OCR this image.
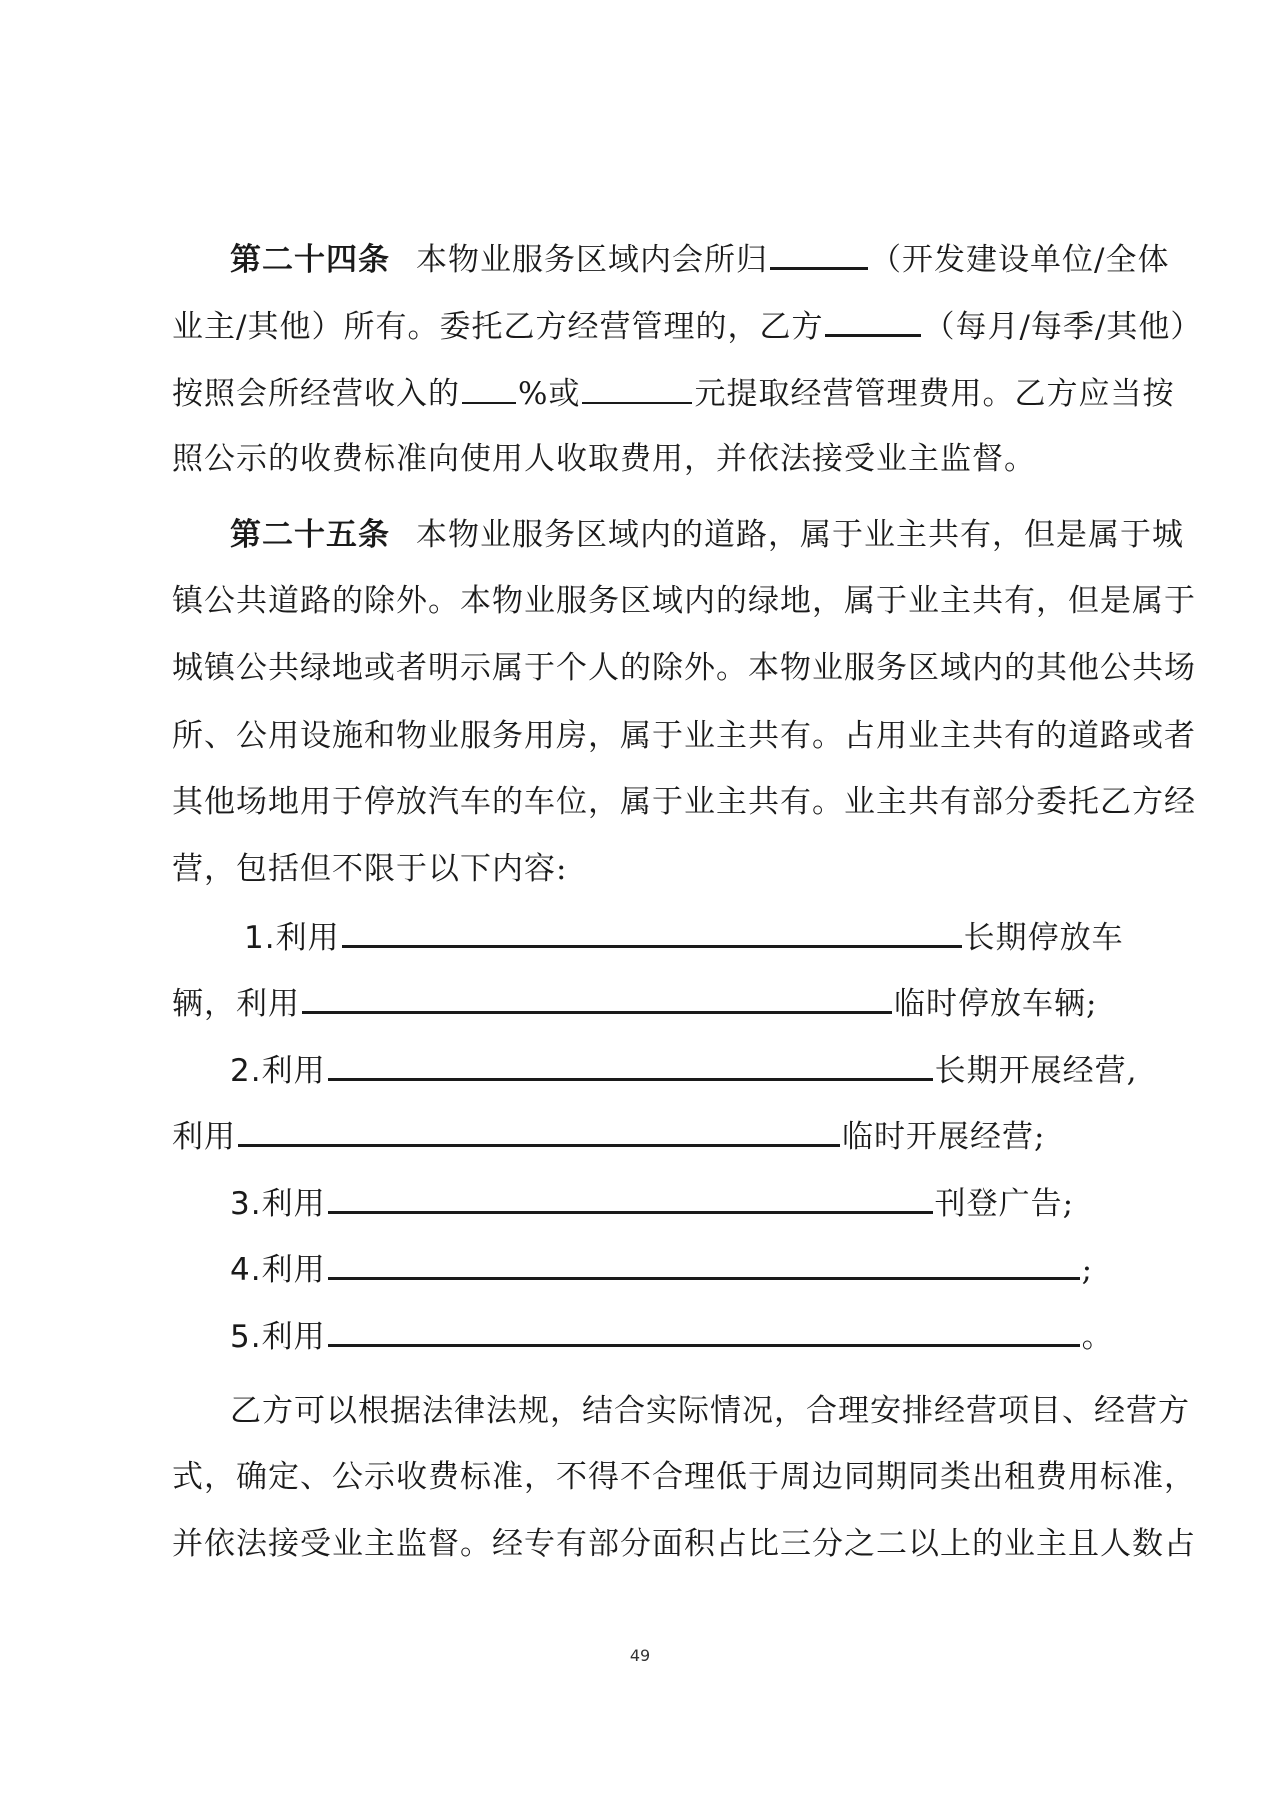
第二十四条 本物业服务区域内会所归	（开发建设单位/全体
业主/其他）所有。委托乙方经营管理的，乙方	（每月/每季/其他）
按照会所经营收入的 %或	元提取经营管理费用。乙方应当按
照公示的收费标准向使用人收取费用，并依法接受业主监督。
第二十五条 本物业服务区域内的道路，属于业主共有，但是属于城
镇公共道路的除外。本物业服务区域内的绿地，属于业主共有，但是属于
城镇公共绿地或者明示属于个人的除外。本物业服务区域内的其他公共场
所、公用设施和物业服务用房，属于业主共有。占用业主共有的道路或者
其他场地用于停放汽车的车位，属于业主共有。业主共有部分委托乙方经
营，包括但不限于以下内容:
1.利用	长期停放车
辆，利用	临时停放车辆;
2.利用	长期开展经营,
利用	临时开展经营;
3.利用	刊登广告;
4.利用	;
5.利用	。
乙方可以根据法律法规，结合实际情况，合理安排经营项目、经营方
式，确定、公示收费标准，不得不合理低于周边同期同类出租费用标准，
并依法接受业主监督。经专有部分面积占比三分之二以上的业主且人数占
49
